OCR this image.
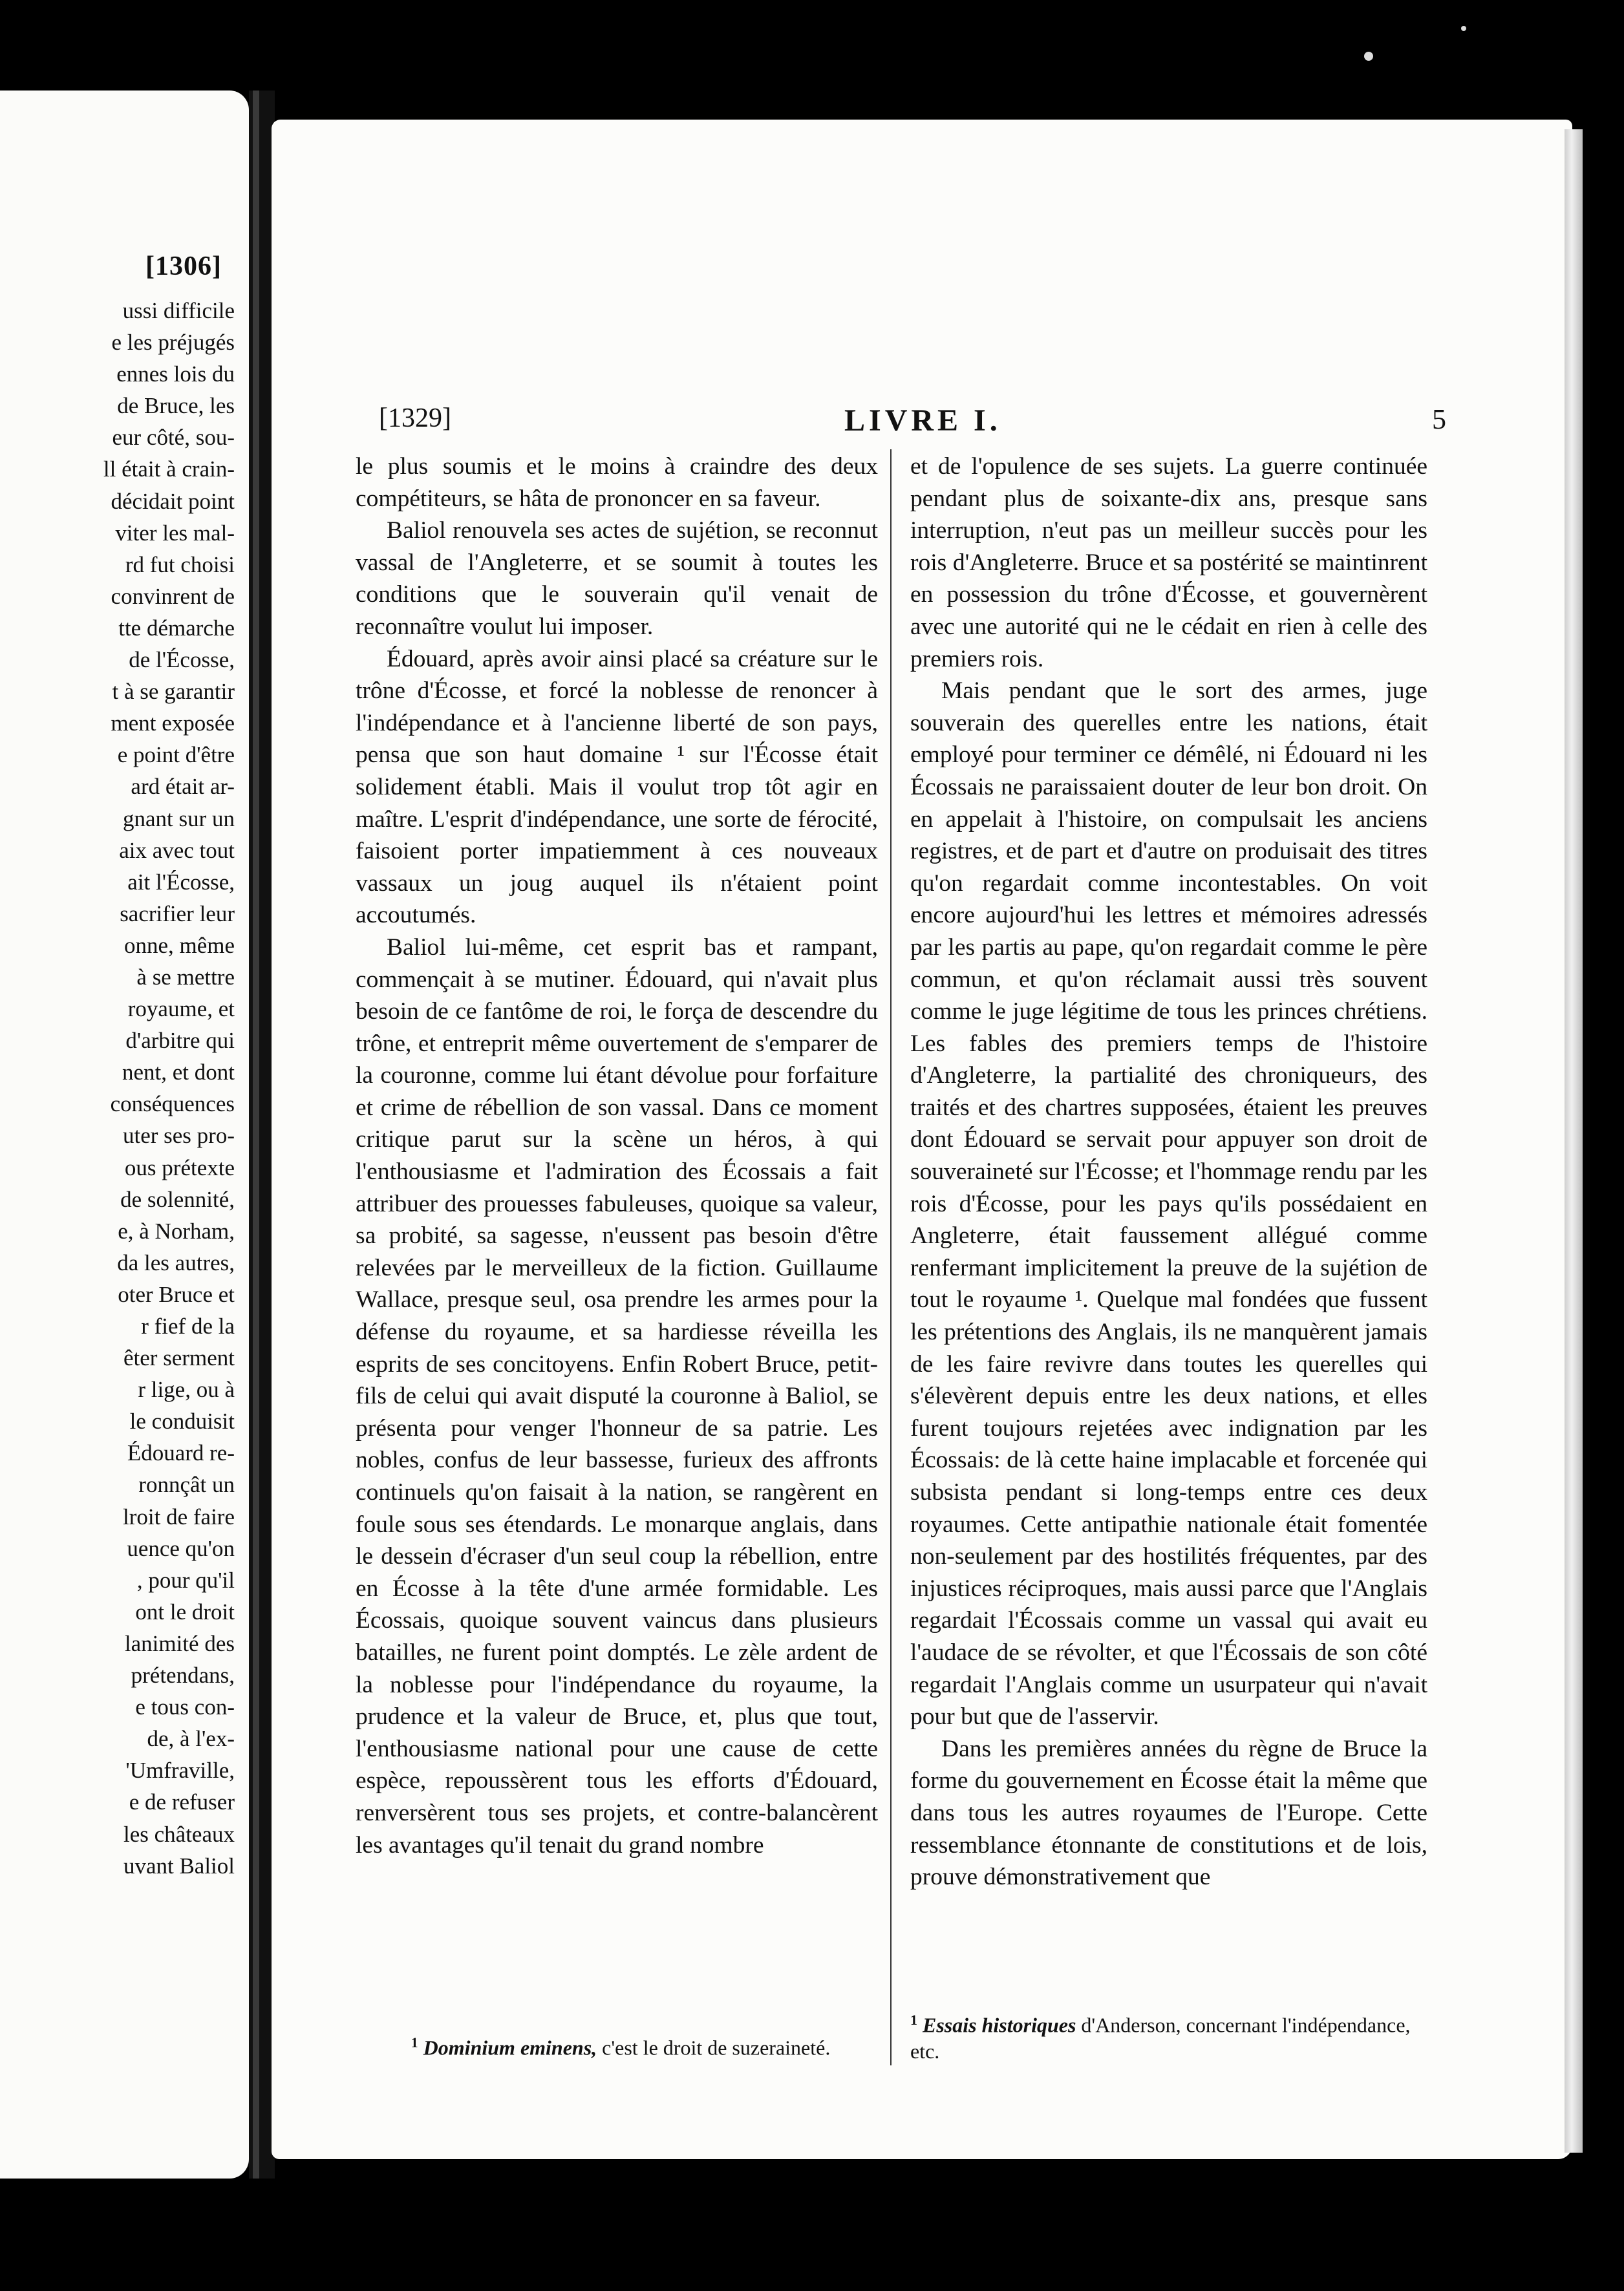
[1306]
ussi difficile
e les préjugés
ennes lois du
de Bruce, les
eur côté, sou-
ll était à crain-
décidait point
viter les mal-
rd fut choisi
convinrent de
tte démarche
de l'Écosse,
t à se garantir
ment exposée
e point d'être
ard était ar-
gnant sur un
aix avec tout
ait l'Écosse,
sacrifier leur
onne, même
à se mettre
royaume, et
d'arbitre qui
nent, et dont
conséquences
uter ses pro-
ous prétexte
de solennité,
e, à Norham,
da les autres,
oter Bruce et
r fief de la
êter serment
r lige, ou à
le conduisit
Édouard re-
ronnçât un
lroit de faire
uence qu'on
, pour qu'il
ont le droit
lanimité des
prétendans,
e tous con-
de, à l'ex-
'Umfraville,
e de refuser
les châteaux
uvant Baliol
[1329]	LIVRE I.	5

le plus soumis et le moins à craindre des deux compétiteurs, se hâta de prononcer en sa faveur.

Baliol renouvela ses actes de sujétion, se reconnut vassal de l'Angleterre, et se soumit à toutes les conditions que le souverain qu'il venait de reconnaître voulut lui imposer.

Édouard, après avoir ainsi placé sa créature sur le trône d'Écosse, et forcé la noblesse de renoncer à l'indépendance et à l'ancienne liberté de son pays, pensa que son haut domaine ¹ sur l'Écosse était solidement établi. Mais il voulut trop tôt agir en maître. L'esprit d'indépendance, une sorte de férocité, faisoient porter impatiemment à ces nouveaux vassaux un joug auquel ils n'étaient point accoutumés.

Baliol lui-même, cet esprit bas et rampant, commençait à se mutiner. Édouard, qui n'avait plus besoin de ce fantôme de roi, le força de descendre du trône, et entreprit même ouvertement de s'emparer de la couronne, comme lui étant dévolue pour forfaiture et crime de rébellion de son vassal. Dans ce moment critique parut sur la scène un héros, à qui l'enthousiasme et l'admiration des Écossais a fait attribuer des prouesses fabuleuses, quoique sa valeur, sa probité, sa sagesse, n'eussent pas besoin d'être relevées par le merveilleux de la fiction. Guillaume Wallace, presque seul, osa prendre les armes pour la défense du royaume, et sa hardiesse réveilla les esprits de ses concitoyens. Enfin Robert Bruce, petit-fils de celui qui avait disputé la couronne à Baliol, se présenta pour venger l'honneur de sa patrie. Les nobles, confus de leur bassesse, furieux des affronts continuels qu'on faisait à la nation, se rangèrent en foule sous ses étendards. Le monarque anglais, dans le dessein d'écraser d'un seul coup la rébellion, entre en Écosse à la tête d'une armée formidable. Les Écossais, quoique souvent vaincus dans plusieurs batailles, ne furent point domptés. Le zèle ardent de la noblesse pour l'indépendance du royaume, la prudence et la valeur de Bruce, et, plus que tout, l'enthousiasme national pour une cause de cette espèce, repoussèrent tous les efforts d'Édouard, renversèrent tous ses projets, et contre-balancèrent les avantages qu'il tenait du grand nombre

et de l'opulence de ses sujets. La guerre continuée pendant plus de soixante-dix ans, presque sans interruption, n'eut pas un meilleur succès pour les rois d'Angleterre. Bruce et sa postérité se maintinrent en possession du trône d'Écosse, et gouvernèrent avec une autorité qui ne le cédait en rien à celle des premiers rois.

Mais pendant que le sort des armes, juge souverain des querelles entre les nations, était employé pour terminer ce démêlé, ni Édouard ni les Écossais ne paraissaient douter de leur bon droit. On en appelait à l'histoire, on compulsait les anciens registres, et de part et d'autre on produisait des titres qu'on regardait comme incontestables. On voit encore aujourd'hui les lettres et mémoires adressés par les partis au pape, qu'on regardait comme le père commun, et qu'on réclamait aussi très souvent comme le juge légitime de tous les princes chrétiens. Les fables des premiers temps de l'histoire d'Angleterre, la partialité des chroniqueurs, des traités et des chartres supposées, étaient les preuves dont Édouard se servait pour appuyer son droit de souveraineté sur l'Écosse; et l'hommage rendu par les rois d'Écosse, pour les pays qu'ils possédaient en Angleterre, était faussement allégué comme renfermant implicitement la preuve de la sujétion de tout le royaume ¹. Quelque mal fondées que fussent les prétentions des Anglais, ils ne manquèrent jamais de les faire revivre dans toutes les querelles qui s'élevèrent depuis entre les deux nations, et elles furent toujours rejetées avec indignation par les Écossais: de là cette haine implacable et forcenée qui subsista pendant si long-temps entre ces deux royaumes. Cette antipathie nationale était fomentée non-seulement par des hostilités fréquentes, par des injustices réciproques, mais aussi parce que l'Anglais regardait l'Écossais comme un vassal qui avait eu l'audace de se révolter, et que l'Écossais de son côté regardait l'Anglais comme un usurpateur qui n'avait pour but que de l'asservir.

Dans les premières années du règne de Bruce la forme du gouvernement en Écosse était la même que dans tous les autres royaumes de l'Europe. Cette ressemblance étonnante de constitutions et de lois, prouve démonstrativement que

$^1$ Dominium eminens, c'est le droit de suzeraineté.
$^1$ Essais historiques d'Anderson, concernant l'indépendance, etc.
